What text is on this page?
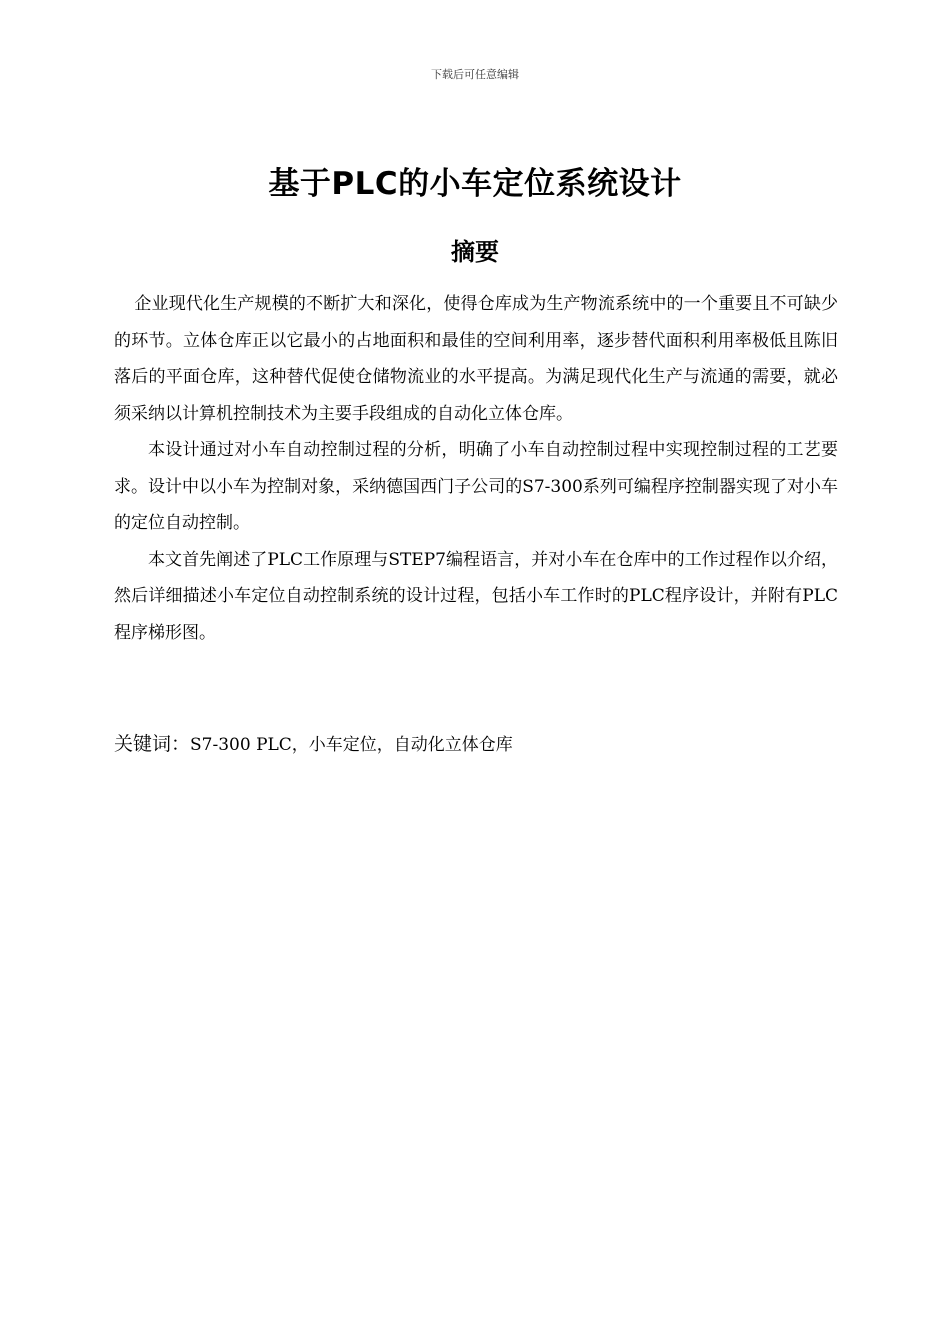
下载后可任意编辑
基于PLC的小车定位系统设计
摘要

企业现代化生产规模的不断扩大和深化，使得仓库成为生产物流系统中的一个重要且不可缺少的环节。立体仓库正以它最小的占地面积和最佳的空间利用率，逐步替代面积利用率极低且陈旧落后的平面仓库，这种替代促使仓储物流业的水平提高。为满足现代化生产与流通的需要，就必须采纳以计算机控制技术为主要手段组成的自动化立体仓库。

本设计通过对小车自动控制过程的分析，明确了小车自动控制过程中实现控制过程的工艺要求。设计中以小车为控制对象，采纳德国西门子公司的S7-300系列可编程序控制器实现了对小车的定位自动控制。

本文首先阐述了PLC工作原理与STEP7编程语言，并对小车在仓库中的工作过程作以介绍，然后详细描述小车定位自动控制系统的设计过程，包括小车工作时的PLC程序设计，并附有PLC程序梯形图。

关键词：S7-300 PLC，小车定位，自动化立体仓库
